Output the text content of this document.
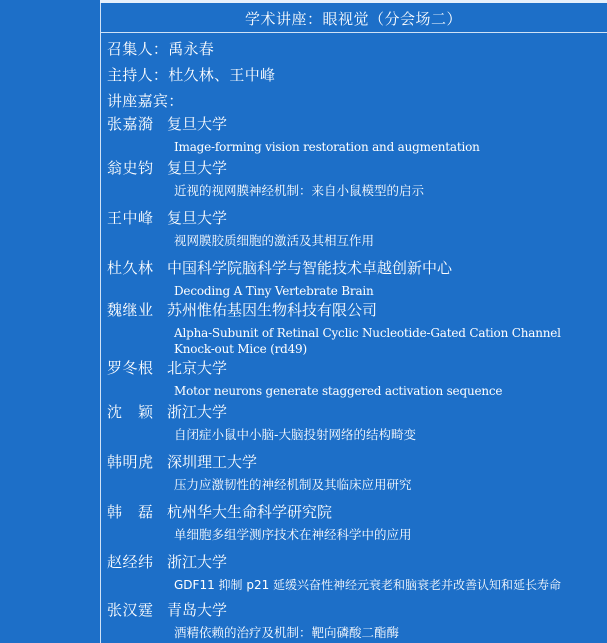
学术讲座：眼视觉（分会场二）
召集人：禹永春
主持人：杜久林、王中峰
讲座嘉宾：
张嘉漪 复旦大学
Image-forming vision restoration and augmentation
翁史钧 复旦大学
近视的视网膜神经机制：来自小鼠模型的启示
王中峰 复旦大学
视网膜胶质细胞的激活及其相互作用
杜久林 中国科学院脑科学与智能技术卓越创新中心
Decoding A Tiny Vertebrate Brain
魏继业 苏州惟佑基因生物科技有限公司
Alpha-Subunit of Retinal Cyclic Nucleotide-Gated Cation Channel Knock-out Mice (rd49)
罗冬根 北京大学
Motor neurons generate staggered activation sequence
沈　颖 浙江大学
自闭症小鼠中小脑-大脑投射网络的结构畸变
韩明虎 深圳理工大学
压力应激韧性的神经机制及其临床应用研究
韩　磊 杭州华大生命科学研究院
单细胞多组学测序技术在神经科学中的应用
赵经纬 浙江大学
GDF11 抑制 p21 延缓兴奋性神经元衰老和脑衰老并改善认知和延长寿命
张汉霆 青岛大学
酒精依赖的治疗及机制：靶向磷酸二酯酶
